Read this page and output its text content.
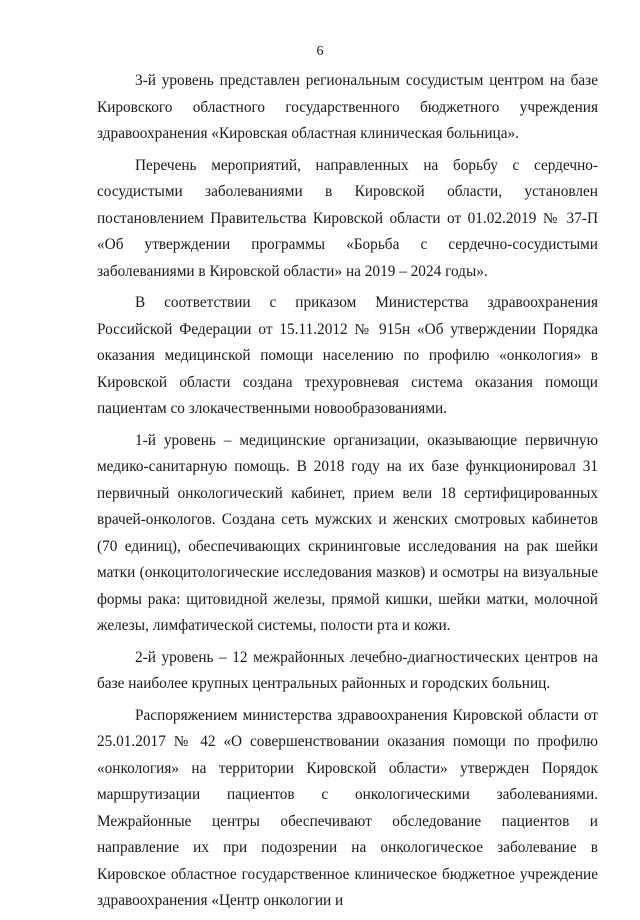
6

3-й уровень представлен региональным сосудистым центром на базе Кировского областного государственного бюджетного учреждения здравоохранения «Кировская областная клиническая больница».

Перечень мероприятий, направленных на борьбу с сердечно-сосудистыми заболеваниями в Кировской области, установлен постановлением Правительства Кировской области от 01.02.2019 № 37-П «Об утверждении программы «Борьба с сердечно-сосудистыми заболеваниями в Кировской области» на 2019 – 2024 годы».

В соответствии с приказом Министерства здравоохранения Российской Федерации от 15.11.2012 № 915н «Об утверждении Порядка оказания медицинской помощи населению по профилю «онкология» в Кировской области создана трехуровневая система оказания помощи пациентам со злокачественными новообразованиями.

1-й уровень – медицинские организации, оказывающие первичную медико-санитарную помощь. В 2018 году на их базе функционировал 31 первичный онкологический кабинет, прием вели 18 сертифицированных врачей-онкологов. Создана сеть мужских и женских смотровых кабинетов (70 единиц), обеспечивающих скрининговые исследования на рак шейки матки (онкоцитологические исследования мазков) и осмотры на визуальные формы рака: щитовидной железы, прямой кишки, шейки матки, молочной железы, лимфатической системы, полости рта и кожи.

2-й уровень – 12 межрайонных лечебно-диагностических центров на базе наиболее крупных центральных районных и городских больниц.

Распоряжением министерства здравоохранения Кировской области от 25.01.2017 № 42 «О совершенствовании оказания помощи по профилю «онкология» на территории Кировской области» утвержден Порядок маршрутизации пациентов с онкологическими заболеваниями. Межрайонные центры обеспечивают обследование пациентов и направление их при подозрении на онкологическое заболевание в Кировское областное государственное клиническое бюджетное учреждение здравоохранения «Центр онкологии и
